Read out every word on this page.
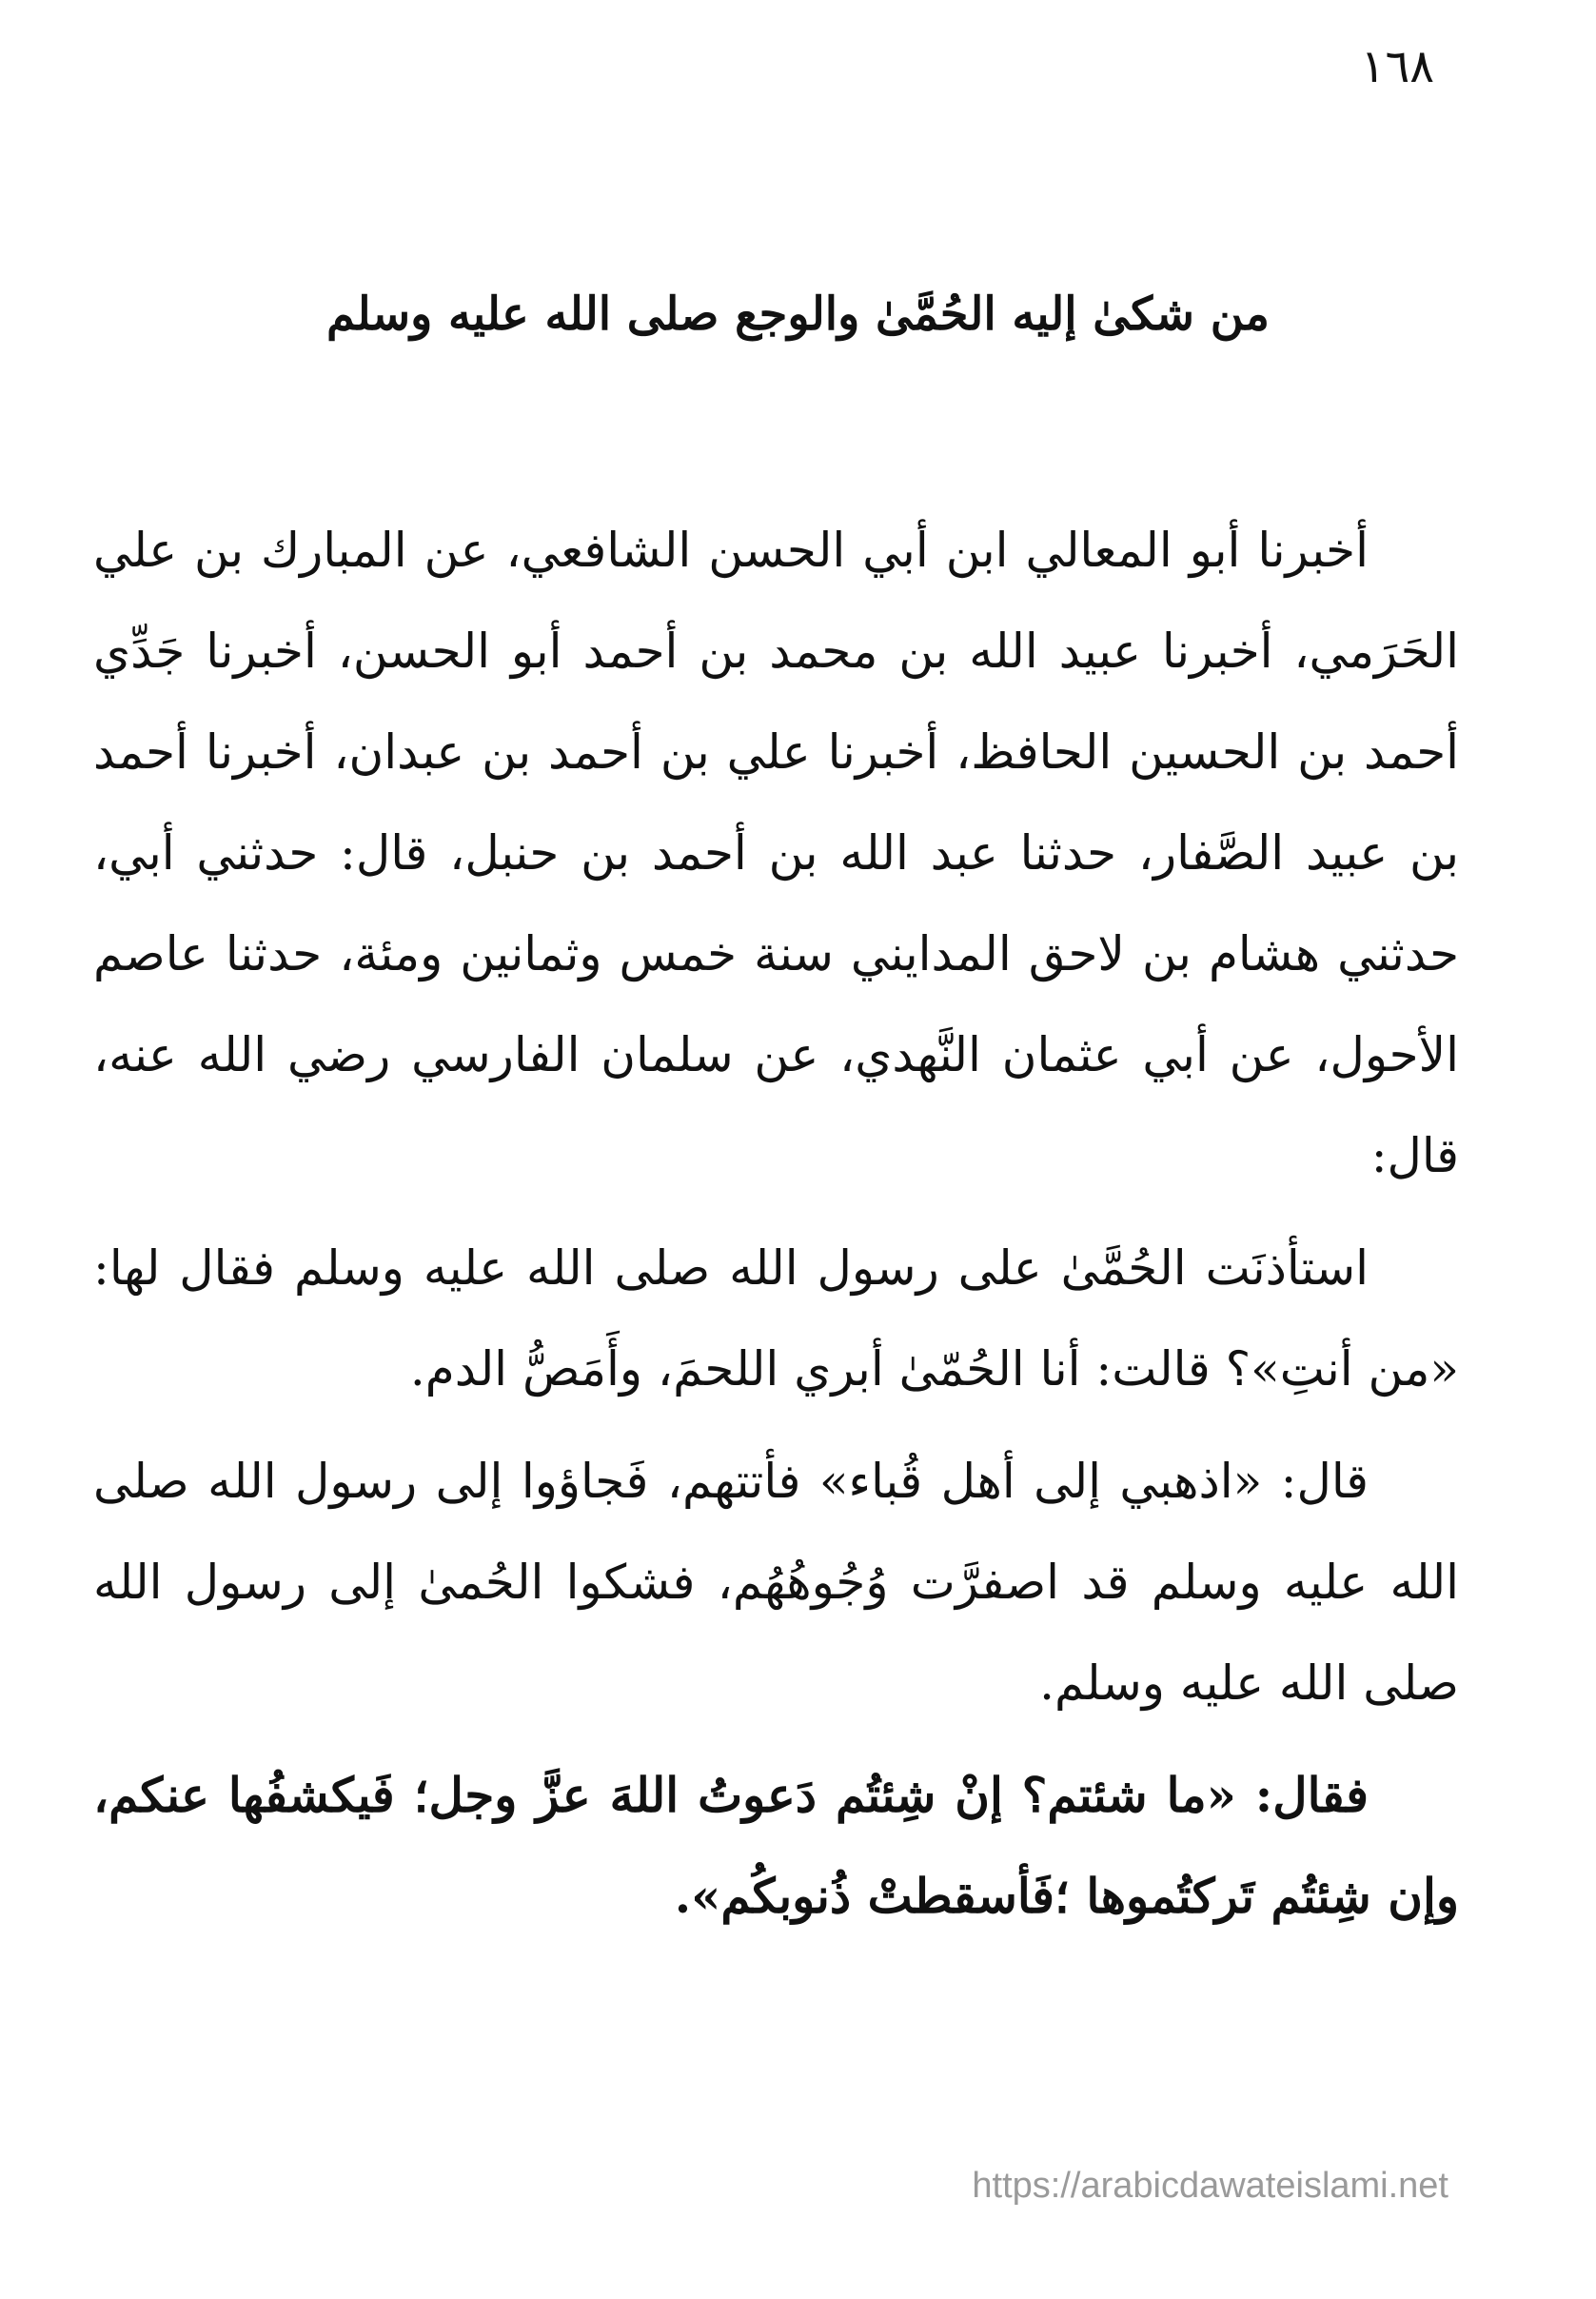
١٦٨
من شكىٰ إليه الحُمَّىٰ والوجع صلى الله عليه وسلم

أخبرنا أبو المعالي ابن أبي الحسن الشافعي، عن المبارك بن علي الحَرَمي، أخبرنا عبيد الله بن محمد بن أحمد أبو الحسن، أخبرنا جَدِّي أحمد بن الحسين الحافظ، أخبرنا علي بن أحمد بن عبدان، أخبرنا أحمد بن عبيد الصَّفار، حدثنا عبد الله بن أحمد بن حنبل، قال: حدثني أبي، حدثني هشام بن لاحق المدايني سنة خمس وثمانين ومئة، حدثنا عاصم الأحول، عن أبي عثمان النَّهدي، عن سلمان الفارسي رضي الله عنه، قال:

استأذنَت الحُمَّىٰ على رسول الله صلى الله عليه وسلم فقال لها: «من أنتِ»؟ قالت: أنا الحُمّىٰ أبري اللحمَ، وأَمَصُّ الدم.

قال: «اذهبي إلى أهل قُباء» فأتتهم، فَجاؤوا إلى رسول الله صلى الله عليه وسلم قد اصفرَّت وُجُوهُهُم، فشكوا الحُمىٰ إلى رسول الله صلى الله عليه وسلم.

فقال: «ما شئتم؟ إنْ شِئتُم دَعوتُ اللهَ عزَّ وجل؛ فَيكشفُها عنكم، وإن شِئتُم تَركتُموها ؛فَأسقطتْ ذُنوبكُم».

https://arabicdawateislami.net
